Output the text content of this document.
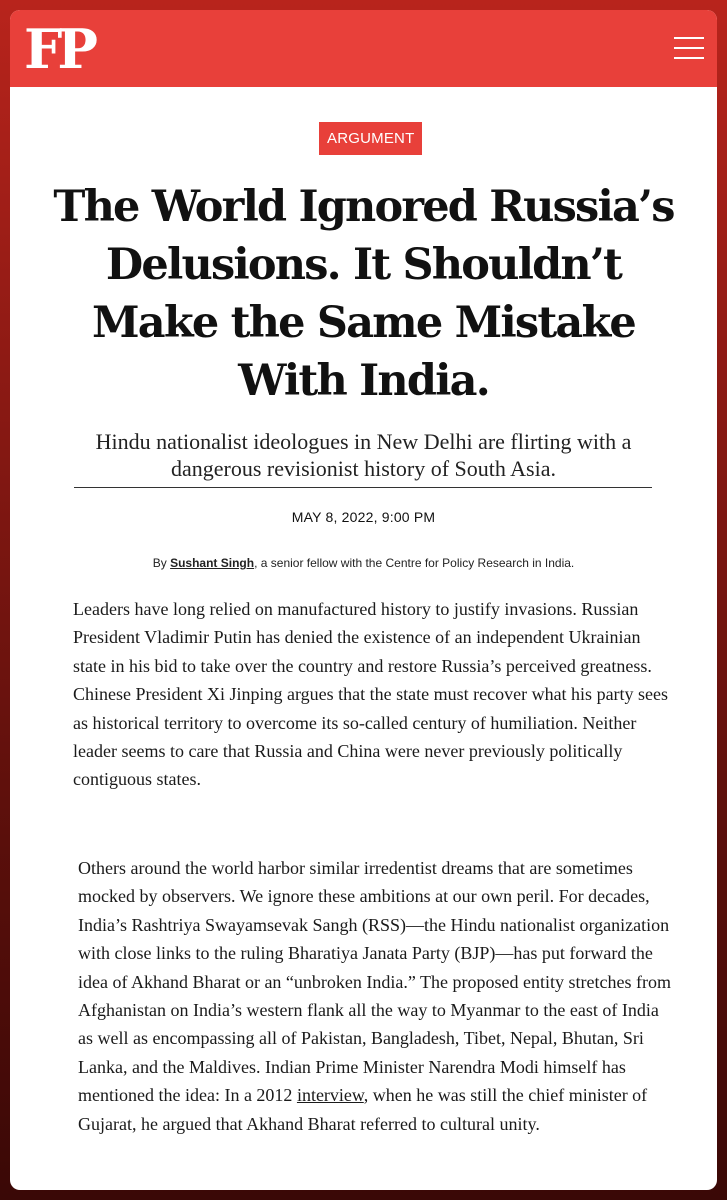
FP
ARGUMENT
The World Ignored Russia’s Delusions. It Shouldn’t Make the Same Mistake With India.

Hindu nationalist ideologues in New Delhi are flirting with a dangerous revisionist history of South Asia.

MAY 8, 2022, 9:00 PM
By Sushant Singh, a senior fellow with the Centre for Policy Research in India.

Leaders have long relied on manufactured history to justify invasions. Russian President Vladimir Putin has denied the existence of an independent Ukrainian state in his bid to take over the country and restore Russia’s perceived greatness. Chinese President Xi Jinping argues that the state must recover what his party sees as historical territory to overcome its so-called century of humiliation. Neither leader seems to care that Russia and China were never previously politically contiguous states.

Others around the world harbor similar irredentist dreams that are sometimes mocked by observers. We ignore these ambitions at our own peril. For decades, India’s Rashtriya Swayamsevak Sangh (RSS)—the Hindu nationalist organization with close links to the ruling Bharatiya Janata Party (BJP)—has put forward the idea of Akhand Bharat or an “unbroken India.” The proposed entity stretches from Afghanistan on India’s western flank all the way to Myanmar to the east of India as well as encompassing all of Pakistan, Bangladesh, Tibet, Nepal, Bhutan, Sri Lanka, and the Maldives. Indian Prime Minister Narendra Modi himself has mentioned the idea: In a 2012 interview, when he was still the chief minister of Gujarat, he argued that Akhand Bharat referred to cultural unity.
